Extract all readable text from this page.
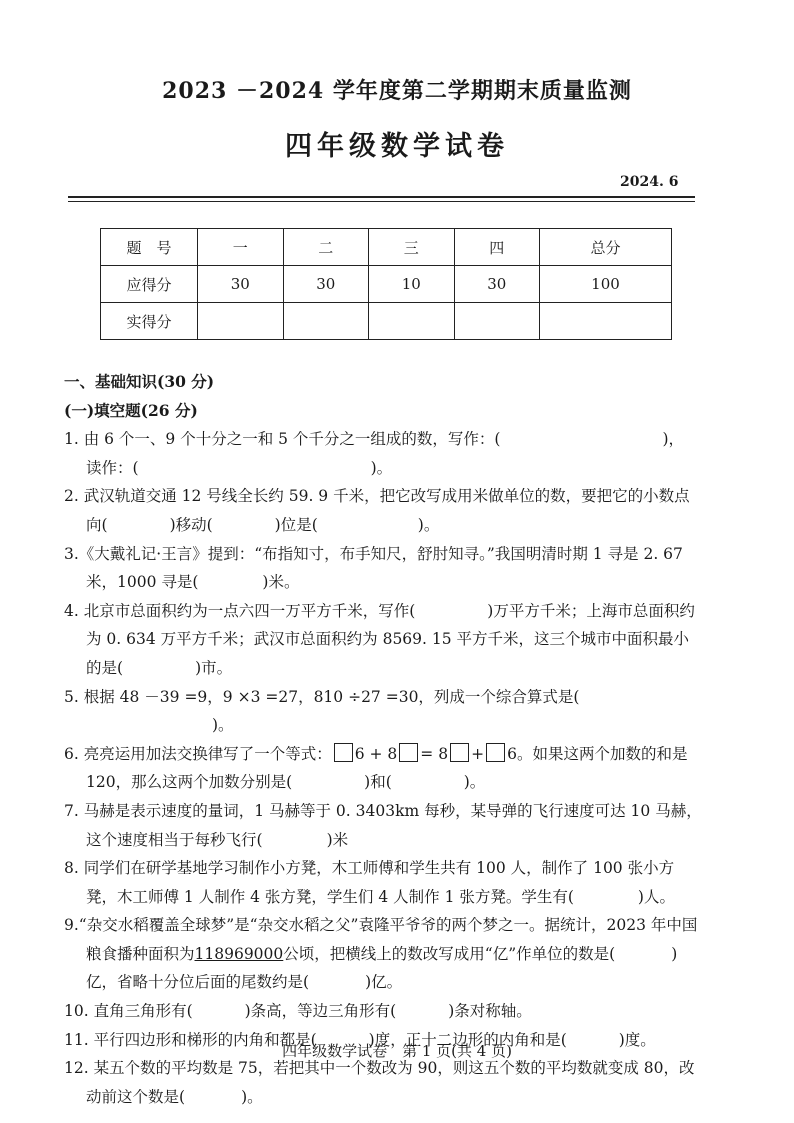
2023 －2024 学年度第二学期期末质量监测
四年级数学试卷
2024. 6
题　号	一	二	三	四	总分
应得分	30	30	10	30	100
实得分					

一、基础知识(30 分)

(一)填空题(26 分)

1. 由 6 个一、9 个十分之一和 5 个千分之一组成的数，写作：(	)，
读作：(	)。

2. 武汉轨道交通 12 号线全长约 59. 9 千米，把它改写成用米做单位的数，要把它的小数点向(	)移动(	)位是(	)。

3.《大戴礼记·王言》提到：“布指知寸，布手知尺，舒肘知寻。”我国明清时期 1 寻是 2. 67 米，1000 寻是(	)米。

4. 北京市总面积约为一点六四一万平方千米，写作(	)万平方千米；上海市总面积约为 0. 634 万平方千米；武汉市总面积约为 8569. 15 平方千米，这三个城市中面积最小的是(	)市。

5. 根据 48 －39 =9，9 ×3 =27，810 ÷27 =30，列成一个综合算式是()。

6. 亮亮运用加法交换律写了一个等式： 6 + 8 = 8 + 6。如果这两个加数的和是 120，那么这两个加数分别是(	)和(	)。

7. 马赫是表示速度的量词，1 马赫等于 0. 3403km 每秒，某导弹的飞行速度可达 10 马赫，这个速度相当于每秒飞行(	)米

8. 同学们在研学基地学习制作小方凳，木工师傅和学生共有 100 人，制作了 100 张小方凳，木工师傅 1 人制作 4 张方凳，学生们 4 人制作 1 张方凳。学生有(	)人。

9.“杂交水稻覆盖全球梦”是“杂交水稻之父”袁隆平爷爷的两个梦之一。据统计，2023 年中国粮食播种面积为118969000公顷，把横线上的数改写成用“亿”作单位的数是(	)亿，省略十分位后面的尾数约是(	)亿。

10. 直角三角形有(	)条高，等边三角形有(	)条对称轴。

11. 平行四边形和梯形的内角和都是(	)度，正十二边形的内角和是(	)度。

12. 某五个数的平均数是 75，若把其中一个数改为 90，则这五个数的平均数就变成 80，改动前这个数是(	)。

四年级数学试卷　第 1 页(共 4 页)
